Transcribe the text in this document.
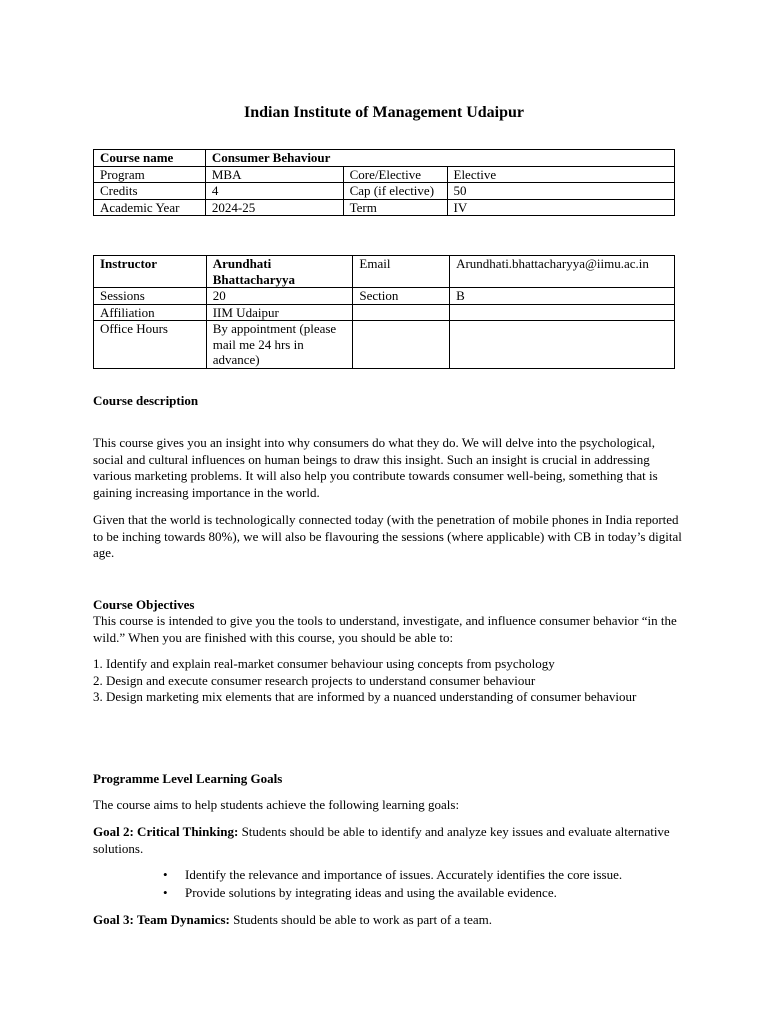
Indian Institute of Management Udaipur
Course name	Consumer Behaviour		
Program	MBA	Core/Elective	Elective
Credits	4	Cap (if elective)	50
Academic Year	2024-25	Term	IV
Instructor	Arundhati Bhattacharyya	Email	Arundhati.bhattacharyya@iimu.ac.in
Sessions	20	Section	B
Affiliation	IIM Udaipur		
Office Hours	By appointment (please mail me 24 hrs in advance)		
Course description

This course gives you an insight into why consumers do what they do. We will delve into the psychological, social and cultural influences on human beings to draw this insight. Such an insight is crucial in addressing various marketing problems. It will also help you contribute towards consumer well-being, something that is gaining increasing importance in the world.

Given that the world is technologically connected today (with the penetration of mobile phones in India reported to be inching towards 80%), we will also be flavouring the sessions (where applicable) with CB in today’s digital age.

Course Objectives

This course is intended to give you the tools to understand, investigate, and influence consumer behavior “in the wild.” When you are finished with this course, you should be able to:

1. Identify and explain real-market consumer behaviour using concepts from psychology
2. Design and execute consumer research projects to understand consumer behaviour
3. Design marketing mix elements that are informed by a nuanced understanding of consumer behaviour
Programme Level Learning Goals

The course aims to help students achieve the following learning goals:

Goal 2: Critical Thinking: Students should be able to identify and analyze key issues and evaluate alternative solutions.

• Identify the relevance and importance of issues. Accurately identifies the core issue.
• Provide solutions by integrating ideas and using the available evidence.

Goal 3: Team Dynamics: Students should be able to work as part of a team.
